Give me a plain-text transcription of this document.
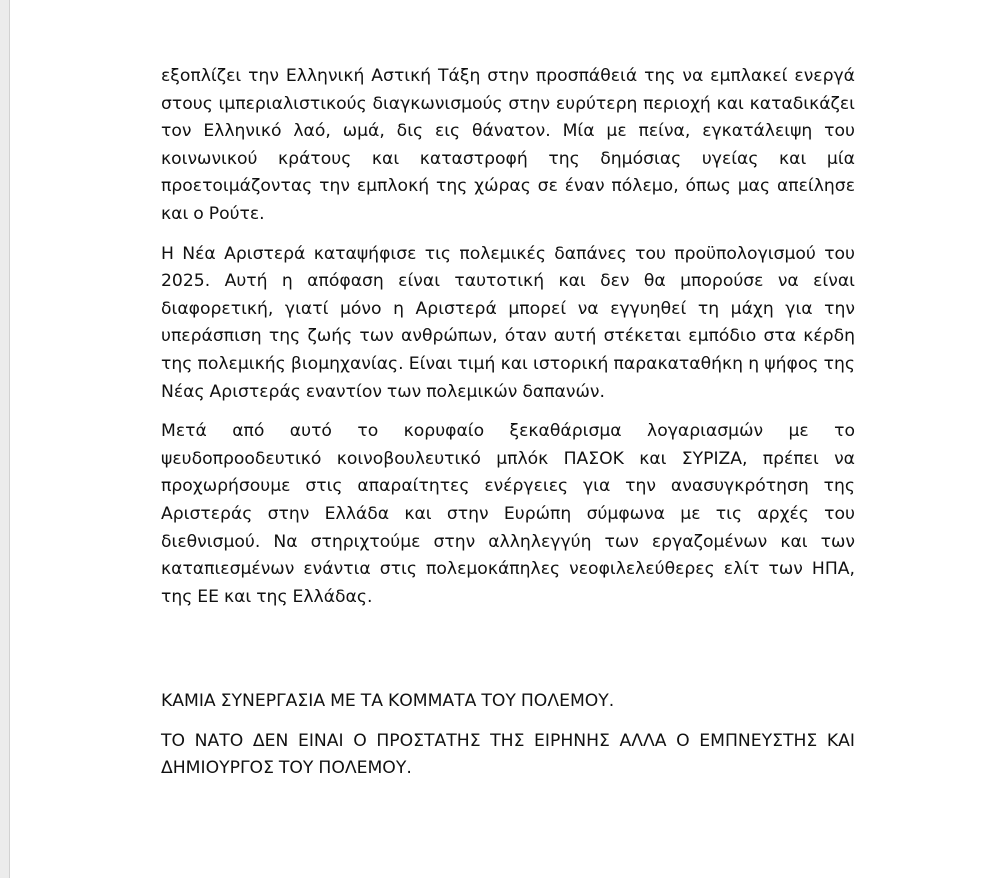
εξοπλίζει την Ελληνική Αστική Τάξη στην προσπάθειά της να εμπλακεί ενεργά στους ιμπεριαλιστικούς διαγκωνισμούς στην ευρύτερη περιοχή και καταδικάζει τον Ελληνικό λαό, ωμά, δις εις θάνατον. Μία με πείνα, εγκατάλειψη του κοινωνικού κράτους και καταστροφή της δημόσιας υγείας και μία προετοιμάζοντας την εμπλοκή της χώρας σε έναν πόλεμο, όπως μας απείλησε και ο Ρούτε.

Η Νέα Αριστερά καταψήφισε τις πολεμικές δαπάνες του προϋπολογισμού του 2025. Αυτή η απόφαση είναι ταυτοτική και δεν θα μπορούσε να είναι διαφορετική, γιατί μόνο η Αριστερά μπορεί να εγγυηθεί τη μάχη για την υπεράσπιση της ζωής των ανθρώπων, όταν αυτή στέκεται εμπόδιο στα κέρδη της πολεμικής βιομηχανίας. Είναι τιμή και ιστορική παρακαταθήκη η ψήφος της Νέας Αριστεράς εναντίον των πολεμικών δαπανών.

Μετά από αυτό το κορυφαίο ξεκαθάρισμα λογαριασμών με το ψευδοπροοδευτικό κοινοβουλευτικό μπλόκ ΠΑΣΟΚ και ΣΥΡΙΖΑ, πρέπει να προχωρήσουμε στις απαραίτητες ενέργειες για την ανασυγκρότηση της Αριστεράς στην Ελλάδα και στην Ευρώπη σύμφωνα με τις αρχές του διεθνισμού. Να στηριχτούμε στην αλληλεγγύη των εργαζομένων και των καταπιεσμένων ενάντια στις πολεμοκάπηλες νεοφιλελεύθερες ελίτ των ΗΠΑ, της ΕΕ και της Ελλάδας.

ΚΑΜΙΑ ΣΥΝΕΡΓΑΣΙΑ ΜΕ ΤΑ ΚΟΜΜΑΤΑ ΤΟΥ ΠΟΛΕΜΟΥ.

ΤΟ ΝΑΤΟ ΔΕΝ ΕΙΝΑΙ Ο ΠΡΟΣΤΑΤΗΣ ΤΗΣ ΕΙΡΗΝΗΣ ΑΛΛΑ Ο ΕΜΠΝΕΥΣΤΗΣ ΚΑΙ ΔΗΜΙΟΥΡΓΟΣ ΤΟΥ ΠΟΛΕΜΟΥ.
